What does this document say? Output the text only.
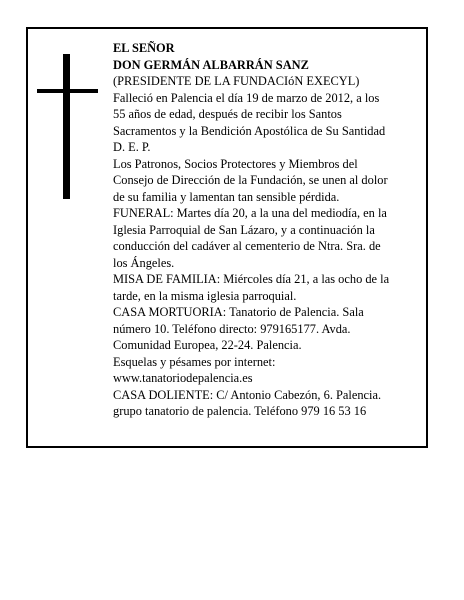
EL SEÑOR
DON GERMÁN ALBARRÁN SANZ
(PRESIDENTE DE LA FUNDACIóN EXECYL)
Falleció en Palencia el día 19 de marzo de 2012, a los
55 años de edad, después de recibir los Santos
Sacramentos y la Bendición Apostólica de Su Santidad
D. E. P.
Los Patronos, Socios Protectores y Miembros del
Consejo de Dirección de la Fundación, se unen al dolor
de su familia y lamentan tan sensible pérdida.
FUNERAL: Martes día 20, a la una del mediodía, en la
Iglesia Parroquial de San Lázaro, y a continuación la
conducción del cadáver al cementerio de Ntra. Sra. de
los Ángeles.
MISA DE FAMILIA: Miércoles día 21, a las ocho de la
tarde, en la misma iglesia parroquial.
CASA MORTUORIA: Tanatorio de Palencia. Sala
número 10. Teléfono directo: 979165177. Avda.
Comunidad Europea, 22-24. Palencia.
Esquelas y pésames por internet:
www.tanatoriodepalencia.es
CASA DOLIENTE: C/ Antonio Cabezón, 6. Palencia.
grupo tanatorio de palencia. Teléfono 979 16 53 16
